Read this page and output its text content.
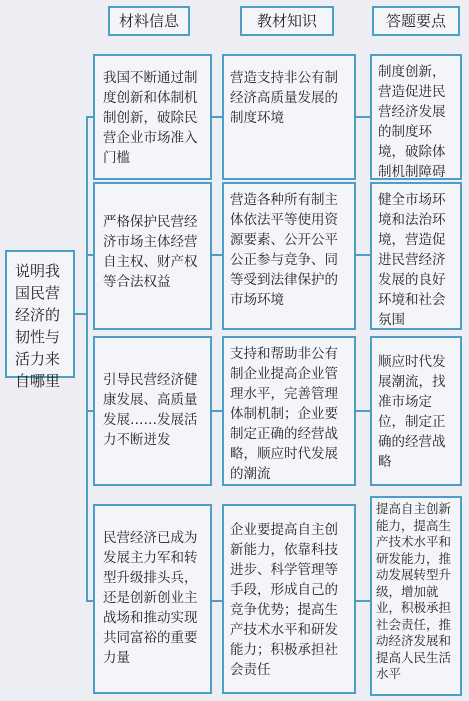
材料信息	教材知识	答题要点
说明我国民营经济的韧性与活力来自哪里
我国不断通过制度创新和体制机制创新，破除民营企业市场准入门槛
营造支持非公有制经济高质量发展的制度环境
制度创新，营造促进民营经济发展的制度环境，破除体制机制障碍
严格保护民营经济市场主体经营自主权、财产权等合法权益
营造各种所有制主体依法平等使用资源要素、公开公平公正参与竞争、同等受到法律保护的市场环境
健全市场环境和法治环境，营造促进民营经济发展的良好环境和社会氛围
引导民营经济健康发展、高质量发展……发展活力不断迸发
支持和帮助非公有制企业提高企业管理水平，完善管理体制机制；企业要制定正确的经营战略，顺应时代发展的潮流
顺应时代发展潮流，找准市场定位，制定正确的经营战略
民营经济已成为发展主力军和转型升级排头兵，还是创新创业主战场和推动实现共同富裕的重要力量
企业要提高自主创新能力，依靠科技进步、科学管理等手段，形成自己的竞争优势；提高生产技术水平和研发能力；积极承担社会责任
提高自主创新能力，提高生产技术水平和研发能力，推动发展转型升级，增加就业，积极承担社会责任，推动经济发展和提高人民生活水平
